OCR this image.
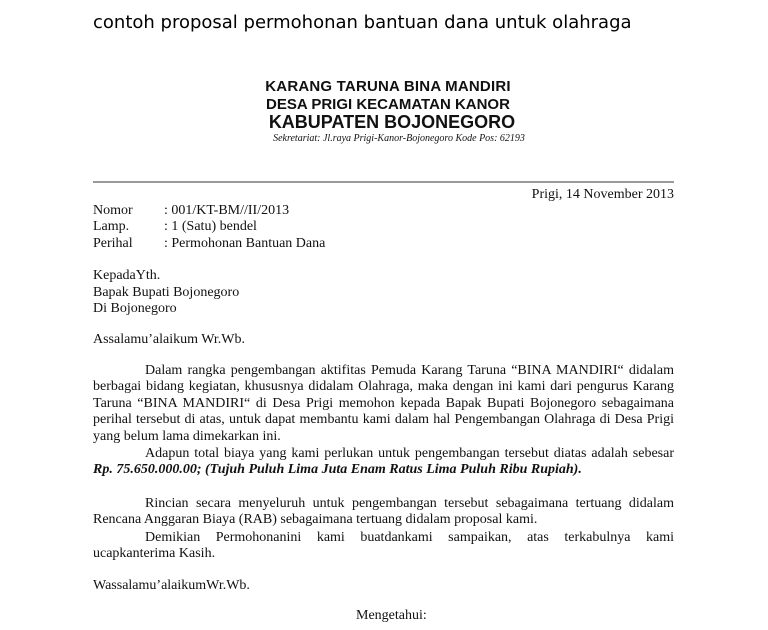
contoh proposal permohonan bantuan dana untuk olahraga
KARANG TARUNA BINA MANDIRI
DESA PRIGI KECAMATAN KANOR
KABUPATEN BOJONEGORO
Sekretariat: Jl.raya Prigi-Kanor-Bojonegoro Kode Pos: 62193
Prigi, 14 November 2013
Nomor : 001/KT-BM//II/2013
Lamp. : 1 (Satu) bendel
Perihal : Permohonan Bantuan Dana
KepadaYth.
Bapak Bupati Bojonegoro
Di Bojonegoro
Assalamu’alaikum Wr.Wb.
Dalam rangka pengembangan aktifitas Pemuda Karang Taruna “BINA MANDIRI“ didalam berbagai bidang kegiatan, khususnya didalam Olahraga, maka dengan ini kami dari pengurus Karang Taruna “BINA MANDIRI“ di Desa Prigi memohon kepada Bapak Bupati Bojonegoro sebagaimana perihal tersebut di atas, untuk dapat membantu kami dalam hal Pengembangan Olahraga di Desa Prigi yang belum lama dimekarkan ini.
Adapun total biaya yang kami perlukan untuk pengembangan tersebut diatas adalah sebesar Rp. 75.650.000.00; (Tujuh Puluh Lima Juta Enam Ratus Lima Puluh Ribu Rupiah).
Rincian secara menyeluruh untuk pengembangan tersebut sebagaimana tertuang didalam Rencana Anggaran Biaya (RAB) sebagaimana tertuang didalam proposal kami.
Demikian Permohonanini kami buatdankami sampaikan, atas terkabulnya kami ucapkanterima Kasih.
Wassalamu’alaikumWr.Wb.
Mengetahui:
